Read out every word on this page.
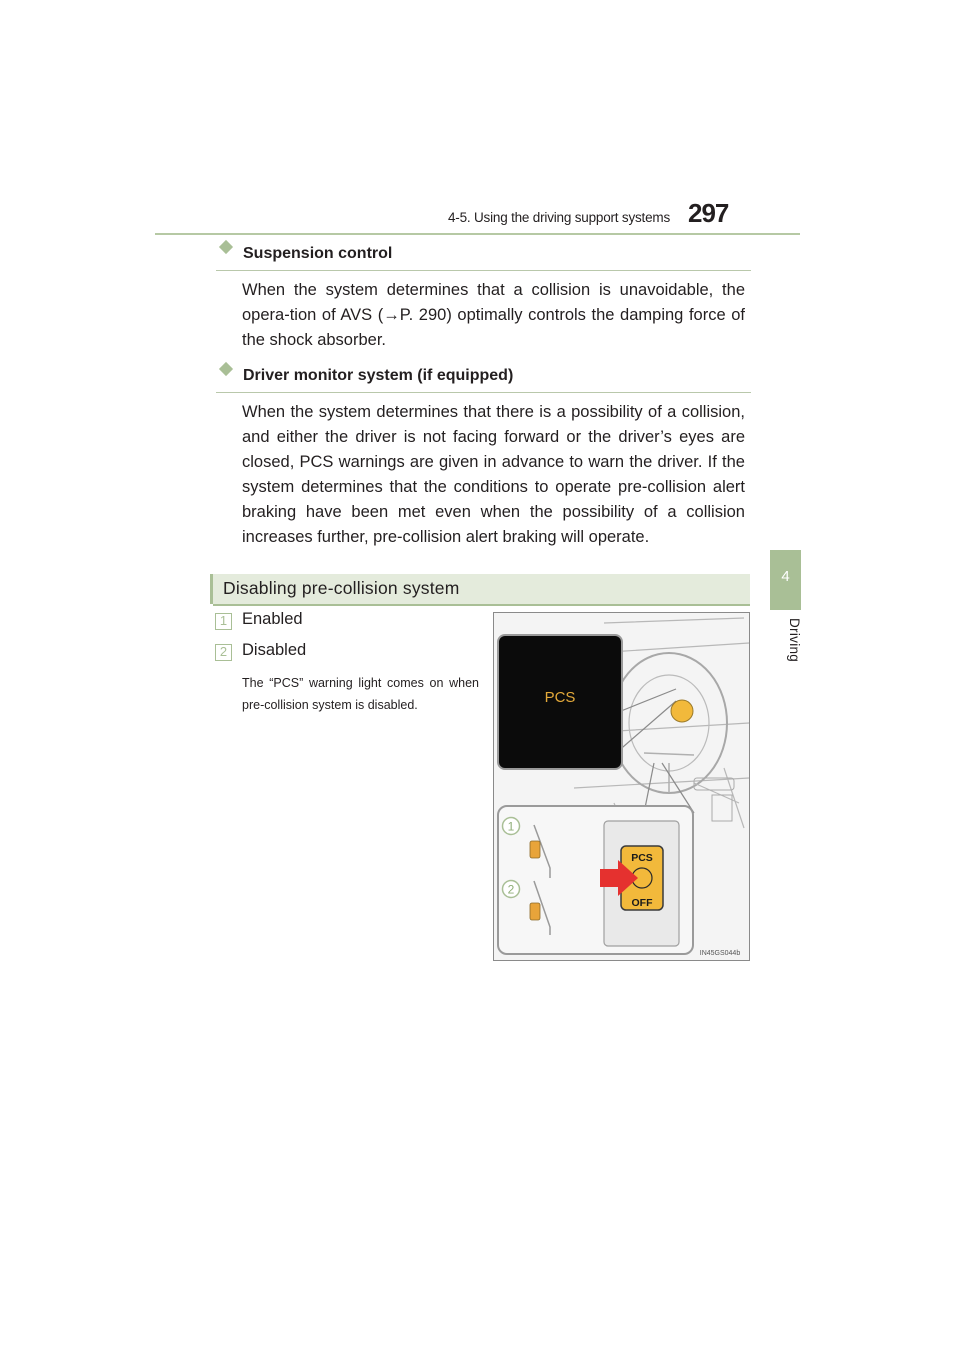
4-5. Using the driving support systems 297
4
Driving
Suspension control
When the system determines that a collision is unavoidable, the opera-tion of AVS (→P. 290) optimally controls the damping force of the shock absorber.
Driver monitor system (if equipped)
When the system determines that there is a possibility of a collision, and either the driver is not facing forward or the driver’s eyes are closed, PCS warnings are given in advance to warn the driver. If the system determines that the conditions to operate pre-collision alert braking have been met even when the possibility of a collision increases further, pre-collision alert braking will operate.
Disabling pre-collision system
1 Enabled
2 Disabled
The “PCS” warning light comes on when pre-collision system is disabled.	PCS
1
2
PCS
OFF
IN45GS044b
